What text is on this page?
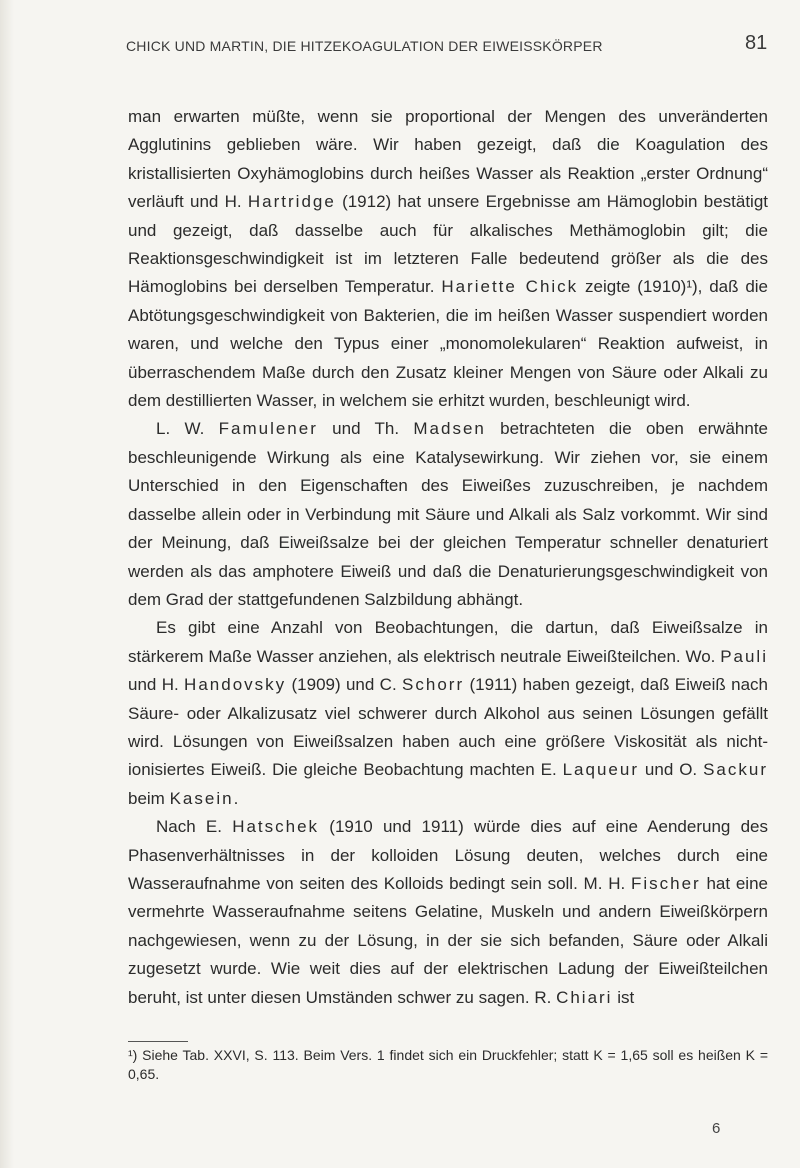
CHICK UND MARTIN, DIE HITZEKOAGULATION DER EIWEISSKÖRPER	81

man erwarten müßte, wenn sie proportional der Mengen des unveränderten Agglutinins geblieben wäre. Wir haben gezeigt, daß die Koagulation des kristallisierten Oxyhämoglobins durch heißes Wasser als Reaktion „erster Ordnung“ verläuft und H. Hartridge (1912) hat unsere Ergebnisse am Hämoglobin bestätigt und gezeigt, daß dasselbe auch für alkalisches Methämoglobin gilt; die Reaktionsgeschwindigkeit ist im letzteren Falle bedeutend größer als die des Hämoglobins bei derselben Temperatur. Hariette Chick zeigte (1910)¹), daß die Abtötungsgeschwindigkeit von Bakterien, die im heißen Wasser suspendiert worden waren, und welche den Typus einer „monomolekularen“ Reaktion aufweist, in überraschendem Maße durch den Zusatz kleiner Mengen von Säure oder Alkali zu dem destillierten Wasser, in welchem sie erhitzt wurden, beschleunigt wird.

L. W. Famulener und Th. Madsen betrachteten die oben erwähnte beschleunigende Wirkung als eine Katalysewirkung. Wir ziehen vor, sie einem Unterschied in den Eigenschaften des Eiweißes zuzuschreiben, je nachdem dasselbe allein oder in Verbindung mit Säure und Alkali als Salz vorkommt. Wir sind der Meinung, daß Eiweißsalze bei der gleichen Temperatur schneller denaturiert werden als das amphotere Eiweiß und daß die Denaturierungsgeschwindigkeit von dem Grad der stattgefundenen Salzbildung abhängt.

Es gibt eine Anzahl von Beobachtungen, die dartun, daß Eiweißsalze in stärkerem Maße Wasser anziehen, als elektrisch neutrale Eiweißteilchen. Wo. Pauli und H. Handovsky (1909) und C. Schorr (1911) haben gezeigt, daß Eiweiß nach Säure- oder Alkalizusatz viel schwerer durch Alkohol aus seinen Lösungen gefällt wird. Lösungen von Eiweißsalzen haben auch eine größere Viskosität als nicht-ionisiertes Eiweiß. Die gleiche Beobachtung machten E. Laqueur und O. Sackur beim Kasein.

Nach E. Hatschek (1910 und 1911) würde dies auf eine Aenderung des Phasenverhältnisses in der kolloiden Lösung deuten, welches durch eine Wasseraufnahme von seiten des Kolloids bedingt sein soll. M. H. Fischer hat eine vermehrte Wasseraufnahme seitens Gelatine, Muskeln und andern Eiweißkörpern nachgewiesen, wenn zu der Lösung, in der sie sich befanden, Säure oder Alkali zugesetzt wurde. Wie weit dies auf der elektrischen Ladung der Eiweißteilchen beruht, ist unter diesen Umständen schwer zu sagen. R. Chiari ist

¹) Siehe Tab. XXVI, S. 113. Beim Vers. 1 findet sich ein Druckfehler; statt K = 1,65 soll es heißen K = 0,65.
6
